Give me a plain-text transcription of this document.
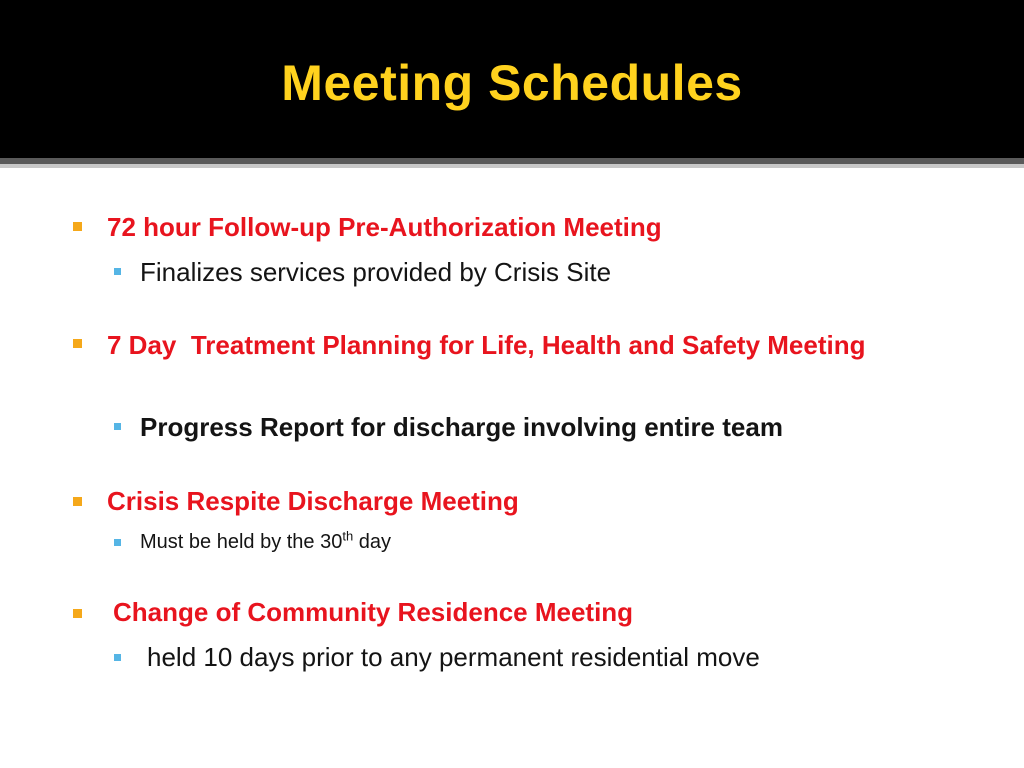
Meeting Schedules
72 hour Follow-up Pre-Authorization Meeting
Finalizes services provided by Crisis Site
7 Day  Treatment Planning for Life, Health and Safety Meeting
Progress Report for discharge involving entire team
Crisis Respite Discharge Meeting
Must be held by the 30th day
Change of Community Residence Meeting
held 10 days prior to any permanent residential move
